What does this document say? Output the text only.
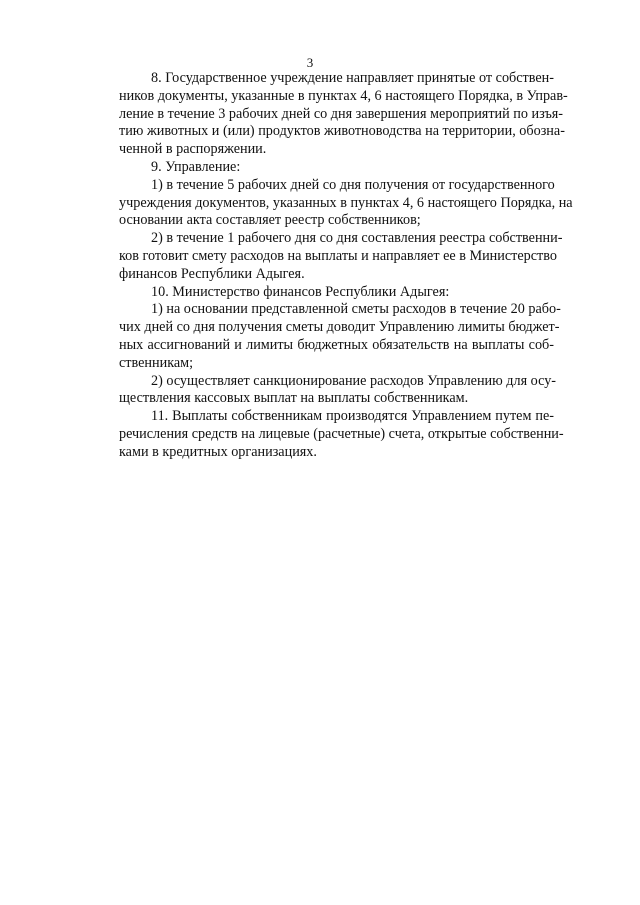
3
8. Государственное учреждение направляет принятые от собствен-
ников документы, указанные в пунктах 4, 6 настоящего Порядка, в Управ-
ление в течение 3 рабочих дней со дня завершения мероприятий по изъя-
тию животных и (или) продуктов животноводства на территории, обозна-
ченной в распоряжении.
9. Управление:
1) в течение 5 рабочих дней со дня получения от государственного
учреждения документов, указанных в пунктах 4, 6 настоящего Порядка, на
основании акта составляет реестр собственников;
2) в течение 1 рабочего дня со дня составления реестра собственни-
ков готовит смету расходов на выплаты и направляет ее в Министерство
финансов Республики Адыгея.
10. Министерство финансов Республики Адыгея:
1) на основании представленной сметы расходов в течение 20 рабо-
чих дней со дня получения сметы доводит Управлению лимиты бюджет-
ных ассигнований и лимиты бюджетных обязательств на выплаты соб-
ственникам;
2) осуществляет санкционирование расходов Управлению для осу-
ществления кассовых выплат на выплаты собственникам.
11. Выплаты собственникам производятся Управлением путем пе-
речисления средств на лицевые (расчетные) счета, открытые собственни-
ками в кредитных организациях.
